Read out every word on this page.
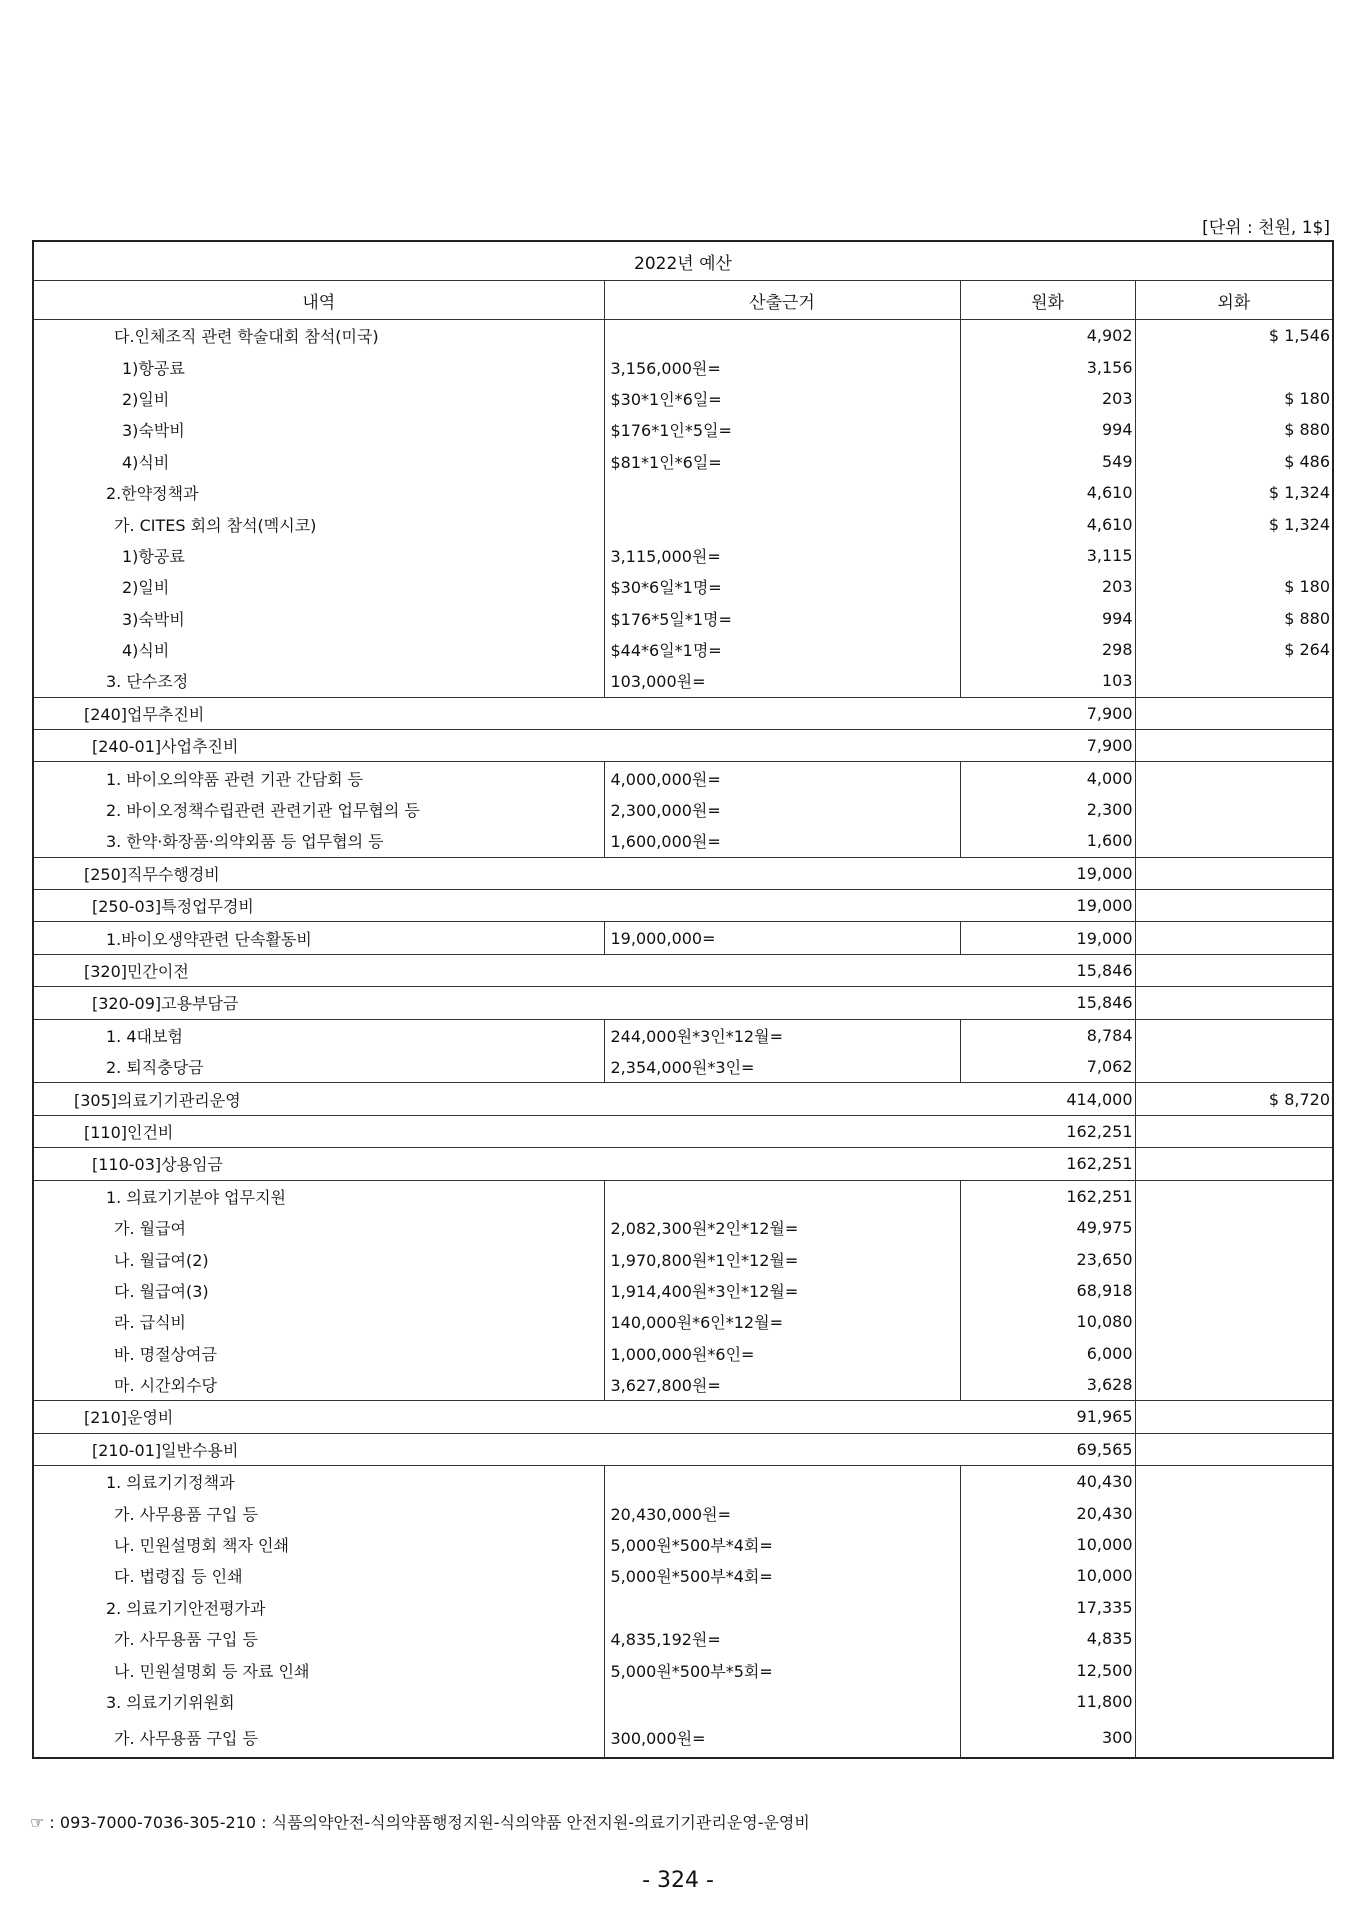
[단위 : 천원, 1$]
2022년 예산			
내역	산출근거	원화	외화
다.인체조직 관련 학술대회 참석(미국)		4,902	$ 1,546
1)항공료	3,156,000원=	3,156	
2)일비	$30*1인*6일=	203	$ 180
3)숙박비	$176*1인*5일=	994	$ 880
4)식비	$81*1인*6일=	549	$ 486
2.한약정책과		4,610	$ 1,324
가. CITES 회의 참석(멕시코)		4,610	$ 1,324
1)항공료	3,115,000원=	3,115	
2)일비	$30*6일*1명=	203	$ 180
3)숙박비	$176*5일*1명=	994	$ 880
4)식비	$44*6일*1명=	298	$ 264
3. 단수조정	103,000원=	103	
[240]업무추진비		7,900	
[240-01]사업추진비		7,900	
1. 바이오의약품 관련 기관 간담회 등	4,000,000원=	4,000	
2. 바이오정책수립관련 관련기관 업무협의 등	2,300,000원=	2,300	
3. 한약·화장품·의약외품 등 업무협의 등	1,600,000원=	1,600	
[250]직무수행경비		19,000	
[250-03]특정업무경비		19,000	
1.바이오생약관련 단속활동비	19,000,000=	19,000	
[320]민간이전		15,846	
[320-09]고용부담금		15,846	
1. 4대보험	244,000원*3인*12월=	8,784	
2. 퇴직충당금	2,354,000원*3인=	7,062	
[305]의료기기관리운영		414,000	$ 8,720
[110]인건비		162,251	
[110-03]상용임금		162,251	
1. 의료기기분야 업무지원		162,251	
가. 월급여	2,082,300원*2인*12월=	49,975	
나. 월급여(2)	1,970,800원*1인*12월=	23,650	
다. 월급여(3)	1,914,400원*3인*12월=	68,918	
라. 급식비	140,000원*6인*12월=	10,080	
바. 명절상여금	1,000,000원*6인=	6,000	
마. 시간외수당	3,627,800원=	3,628	
[210]운영비		91,965	
[210-01]일반수용비		69,565	
1. 의료기기정책과		40,430	
가. 사무용품 구입 등	20,430,000원=	20,430	
나. 민원설명회 책자 인쇄	5,000원*500부*4회=	10,000	
다. 법령집 등 인쇄	5,000원*500부*4회=	10,000	
2. 의료기기안전평가과		17,335	
가. 사무용품 구입 등	4,835,192원=	4,835	
나. 민원설명회 등 자료 인쇄	5,000원*500부*5회=	12,500	
3. 의료기기위원회		11,800	
가. 사무용품 구입 등	300,000원=	300	
☞ : 093-7000-7036-305-210 : 식품의약안전-식의약품행정지원-식의약품 안전지원-의료기기관리운영-운영비
- 324 -
